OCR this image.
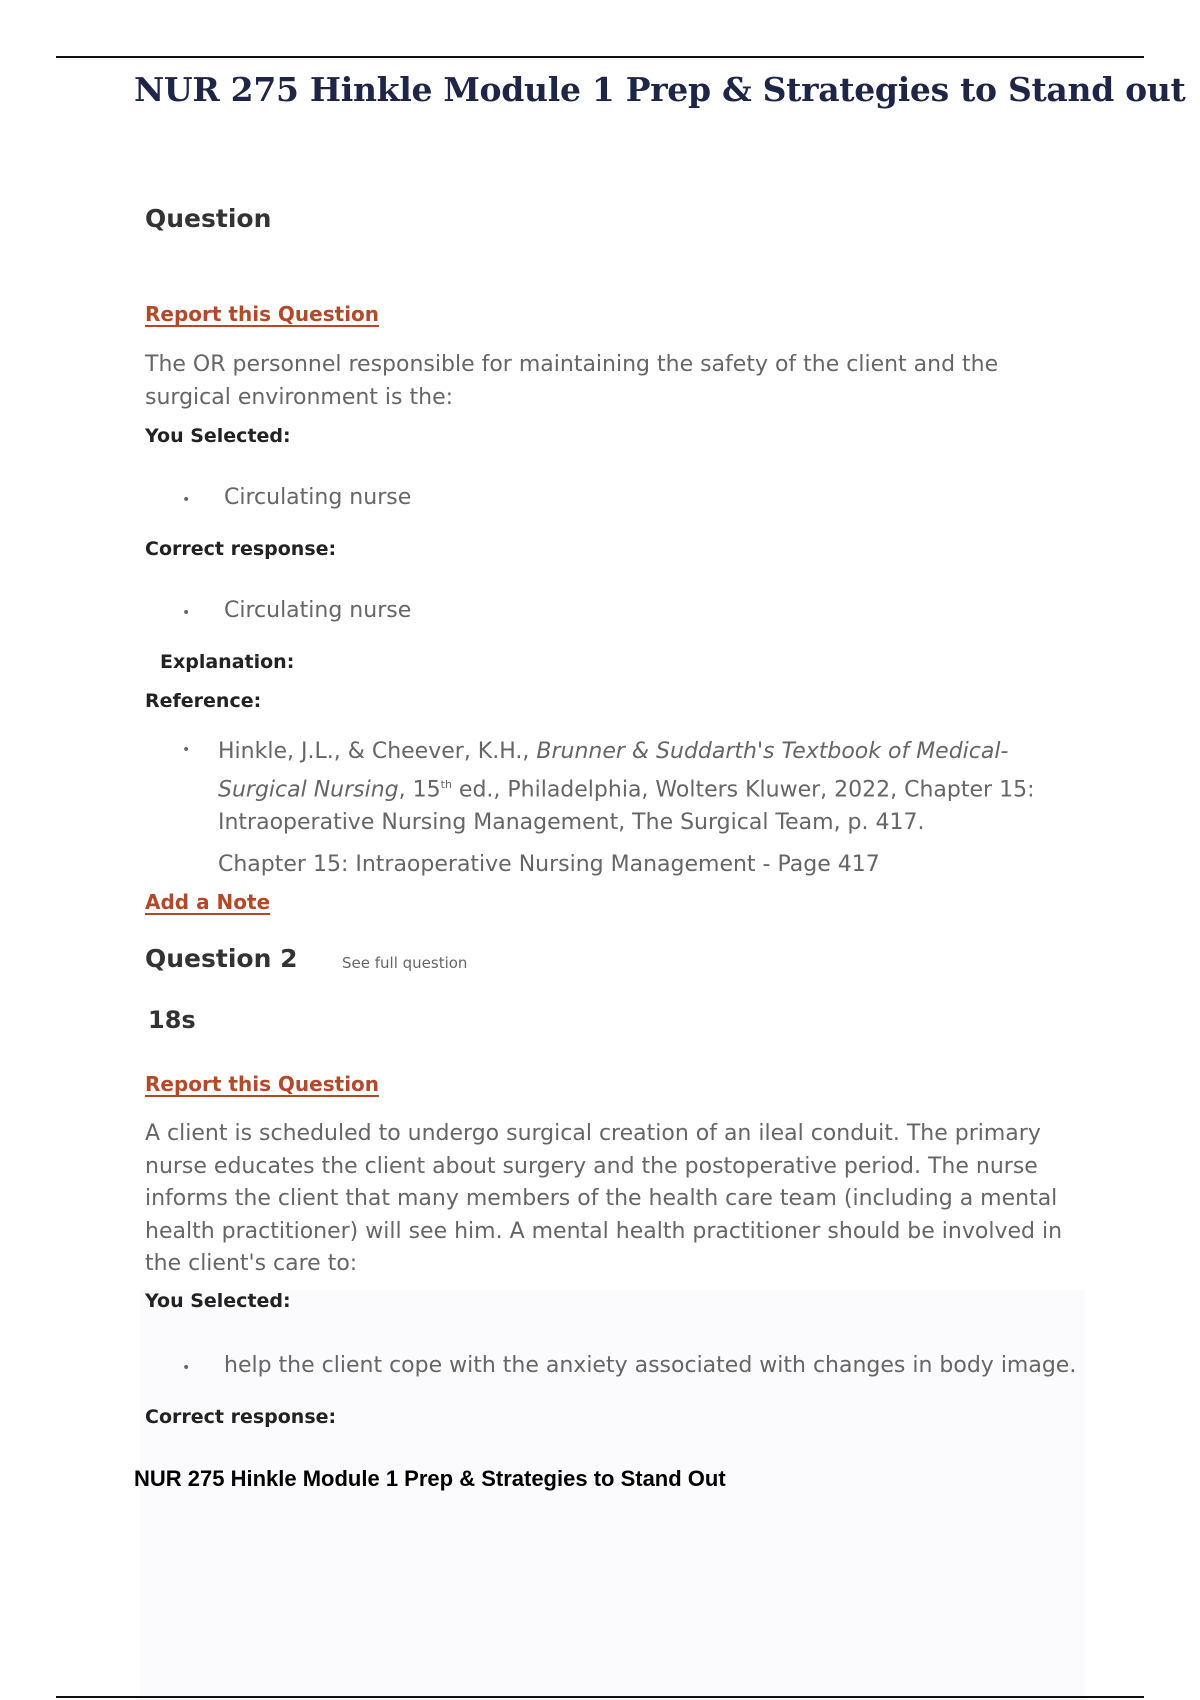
NUR 275 Hinkle Module 1 Prep & Strategies to Stand out
Question
Report this Question
The OR personnel responsible for maintaining the safety of the client and the surgical environment is the:
You Selected:
• Circulating nurse
Correct response:
• Circulating nurse
Explanation:
Reference:
• Hinkle, J.L., & Cheever, K.H., Brunner & Suddarth's Textbook of Medical-Surgical Nursing, 15th ed., Philadelphia, Wolters Kluwer, 2022, Chapter 15: Intraoperative Nursing Management, The Surgical Team, p. 417.
Chapter 15: Intraoperative Nursing Management - Page 417
Add a Note
Question 2	See full question
18s
Report this Question
A client is scheduled to undergo surgical creation of an ileal conduit. The primary nurse educates the client about surgery and the postoperative period. The nurse informs the client that many members of the health care team (including a mental health practitioner) will see him. A mental health practitioner should be involved in the client's care to:
You Selected:
• help the client cope with the anxiety associated with changes in body image.
Correct response:
NUR 275 Hinkle Module 1 Prep & Strategies to Stand Out
